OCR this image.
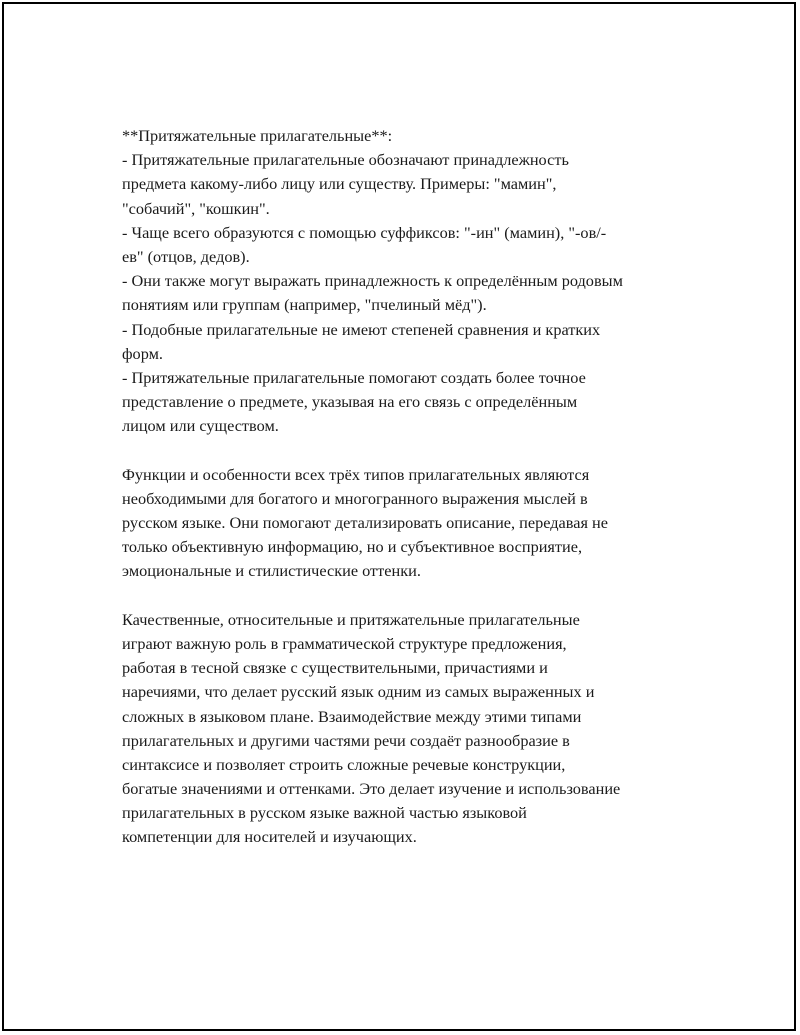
**Притяжательные прилагательные**:
- Притяжательные прилагательные обозначают принадлежность
предмета какому-либо лицу или существу. Примеры: "мамин",
"собачий", "кошкин".
- Чаще всего образуются с помощью суффиксов: "-ин" (мамин), "-ов/-
ев" (отцов, дедов).
- Они также могут выражать принадлежность к определённым родовым
понятиям или группам (например, "пчелиный мёд").
- Подобные прилагательные не имеют степеней сравнения и кратких
форм.
- Притяжательные прилагательные помогают создать более точное
представление о предмете, указывая на его связь с определённым
лицом или существом.
Функции и особенности всех трёх типов прилагательных являются
необходимыми для богатого и многогранного выражения мыслей в
русском языке. Они помогают детализировать описание, передавая не
только объективную информацию, но и субъективное восприятие,
эмоциональные и стилистические оттенки.
Качественные, относительные и притяжательные прилагательные
играют важную роль в грамматической структуре предложения,
работая в тесной связке с существительными, причастиями и
наречиями, что делает русский язык одним из самых выраженных и
сложных в языковом плане. Взаимодействие между этими типами
прилагательных и другими частями речи создаёт разнообразие в
синтаксисе и позволяет строить сложные речевые конструкции,
богатые значениями и оттенками. Это делает изучение и использование
прилагательных в русском языке важной частью языковой
компетенции для носителей и изучающих.
